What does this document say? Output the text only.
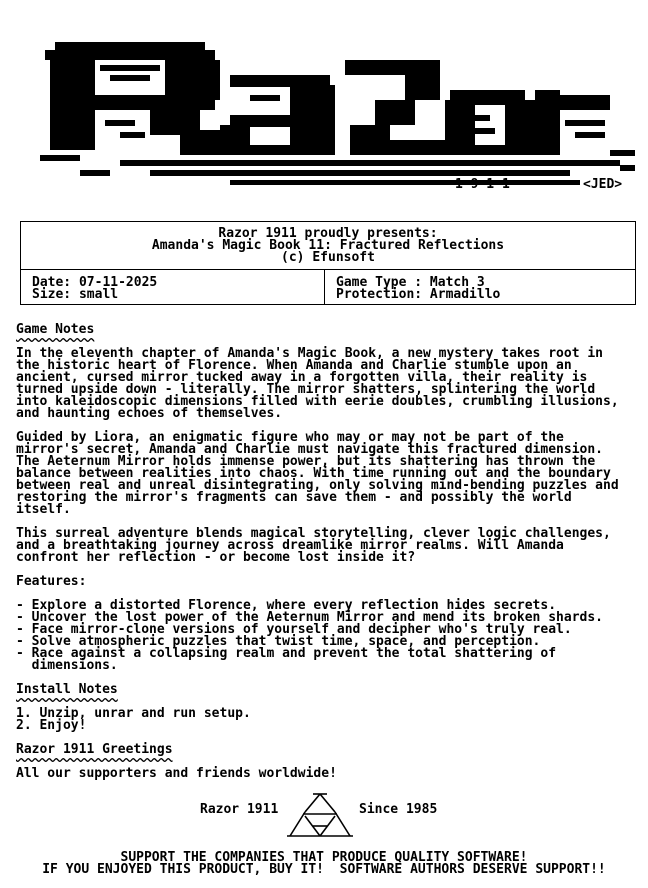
1 9 1 1

	<JED>

Razor 1911 proudly presents:
Amanda's Magic Book 11: Fractured Reflections
(c) Efunsoft
Date: 07-11-2025
Size: small
Game Type : Match 3
Protection: Armadillo
Game Notes

In the eleventh chapter of Amanda's Magic Book, a new mystery takes root in
the historic heart of Florence. When Amanda and Charlie stumble upon an
ancient, cursed mirror tucked away in a forgotten villa, their reality is
turned upside down - literally. The mirror shatters, splintering the world
into kaleidoscopic dimensions filled with eerie doubles, crumbling illusions,
and haunting echoes of themselves.

Guided by Liora, an enigmatic figure who may or may not be part of the
mirror's secret, Amanda and Charlie must navigate this fractured dimension.
The Aeternum Mirror holds immense power, but its shattering has thrown the
balance between realities into chaos. With time running out and the boundary
between real and unreal disintegrating, only solving mind-bending puzzles and
restoring the mirror's fragments can save them - and possibly the world
itself.

This surreal adventure blends magical storytelling, clever logic challenges,
and a breathtaking journey across dreamlike mirror realms. Will Amanda
confront her reflection - or become lost inside it?

Features:

- Explore a distorted Florence, where every reflection hides secrets.
- Uncover the lost power of the Aeternum Mirror and mend its broken shards.
- Face mirror-clone versions of yourself and decipher who's truly real.
- Solve atmospheric puzzles that twist time, space, and perception.
- Race against a collapsing realm and prevent the total shattering of
dimensions.

Install Notes

1. Unzip, unrar and run setup.
2. Enjoy!

Razor 1911 Greetings

All our supporters and friends worldwide!
Razor 1911	Since 1985
SUPPORT THE COMPANIES THAT PRODUCE QUALITY SOFTWARE!
IF YOU ENJOYED THIS PRODUCT, BUY IT!  SOFTWARE AUTHORS DESERVE SUPPORT!!
